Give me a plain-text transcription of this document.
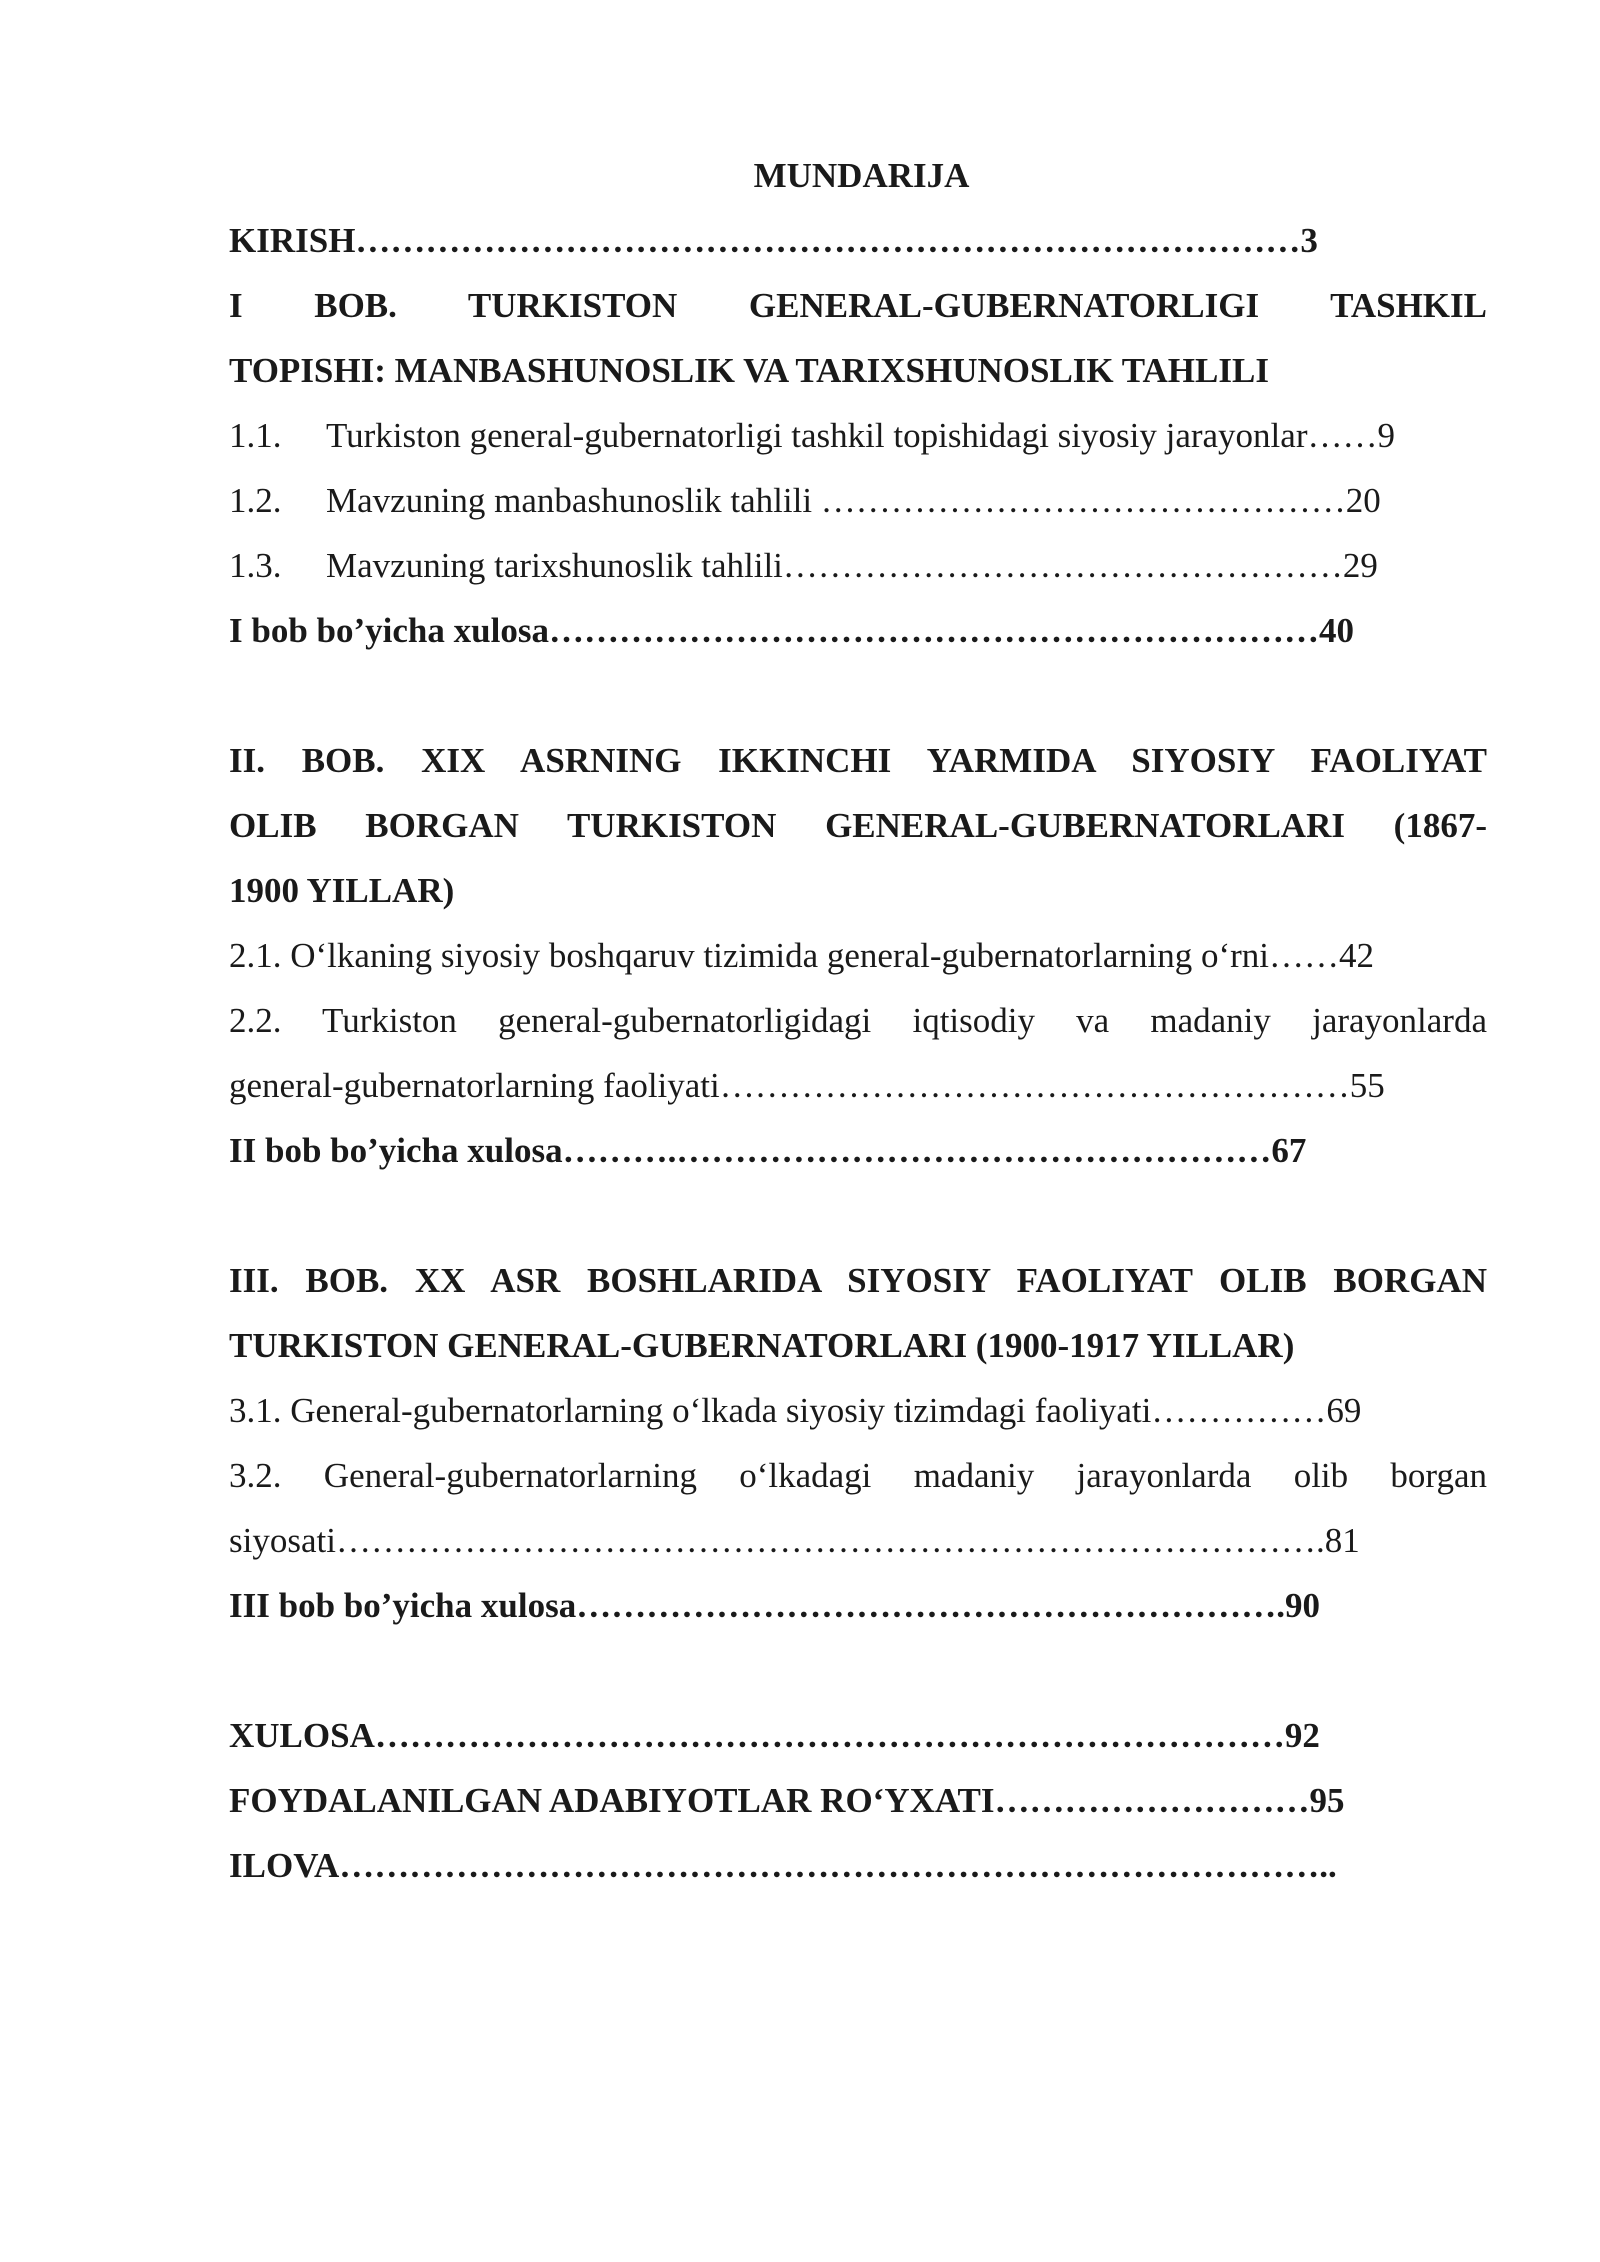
MUNDARIJA
KIRISH………………………………………………………………………3
I BOB. TURKISTON GENERAL-GUBERNATORLIGI TASHKIL
TOPISHI: MANBASHUNOSLIK VA TARIXSHUNOSLIK TAHLILI
1.1. Turkiston general-gubernatorligi tashkil topishidagi siyosiy jarayonlar……9
1.2. Mavzuning manbashunoslik tahlili ………………………………………20
1.3. Mavzuning tarixshunoslik tahlili…………………………………………29
I bob bo’yicha xulosa…………………………………………………………40
II. BOB. XIX ASRNING IKKINCHI YARMIDA SIYOSIY FAOLIYAT
OLIB BORGAN TURKISTON GENERAL-GUBERNATORLARI (1867-
1900 YILLAR)
2.1. O‘lkaning siyosiy boshqaruv tizimida general-gubernatorlarning o‘rni……42
2.2. Turkiston general-gubernatorligidagi iqtisodiy va madaniy jarayonlarda
general-gubernatorlarning faoliyati………………………………………………55
II bob bo’yicha xulosa……….……………………………………………67
III. BOB. XX ASR BOSHLARIDA SIYOSIY FAOLIYAT OLIB BORGAN
TURKISTON GENERAL-GUBERNATORLARI (1900-1917 YILLAR)
3.1. General-gubernatorlarning o‘lkada siyosiy tizimdagi faoliyati……………69
3.2. General-gubernatorlarning o‘lkadagi madaniy jarayonlarda olib borgan
siyosati………………………………………………………………………….81
III bob bo’yicha xulosa…………………………………………………….90
XULOSA……………………………………………………………………92
FOYDALANILGAN ADABIYOTLAR RO‘YXATI………………………95
ILOVA…………………………………………………………………………..
